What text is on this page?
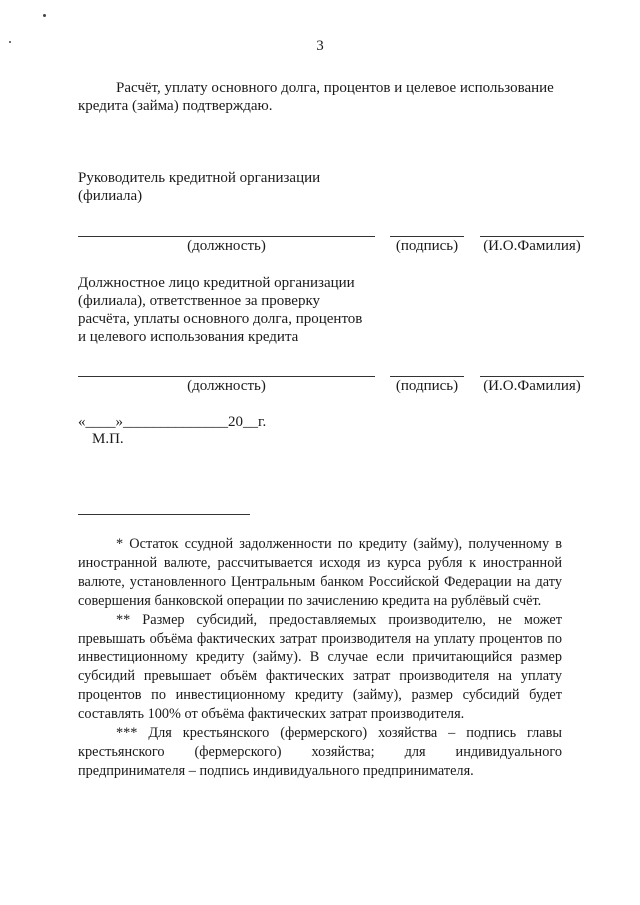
3
Расчёт, уплату основного долга, процентов и целевое использование кредита (займа) подтверждаю.
Руководитель кредитной организации
(филиала)
(должность)	(подпись)	(И.О.Фамилия)
Должностное лицо кредитной организации
(филиала), ответственное за проверку
расчёта, уплаты основного долга, процентов
и целевого использования кредита
(должность)	(подпись)	(И.О.Фамилия)
«____»______________20__г.
М.П.

* Остаток ссудной задолженности по кредиту (займу), полученному в иностранной валюте, рассчитывается исходя из курса рубля к иностранной валюте, установленного Центральным банком Российской Федерации на дату совершения банковской операции по зачислению кредита на рублёвый счёт.

** Размер субсидий, предоставляемых производителю, не может превышать объёма фактических затрат производителя на уплату процентов по инвестиционному кредиту (займу). В случае если причитающийся размер субсидий превышает объём фактических затрат производителя на уплату процентов по инвестиционному кредиту (займу), размер субсидий будет составлять 100% от объёма фактических затрат производителя.

*** Для крестьянского (фермерского) хозяйства – подпись главы крестьянского (фермерского) хозяйства; для индивидуального предпринимателя – подпись индивидуального предпринимателя.
